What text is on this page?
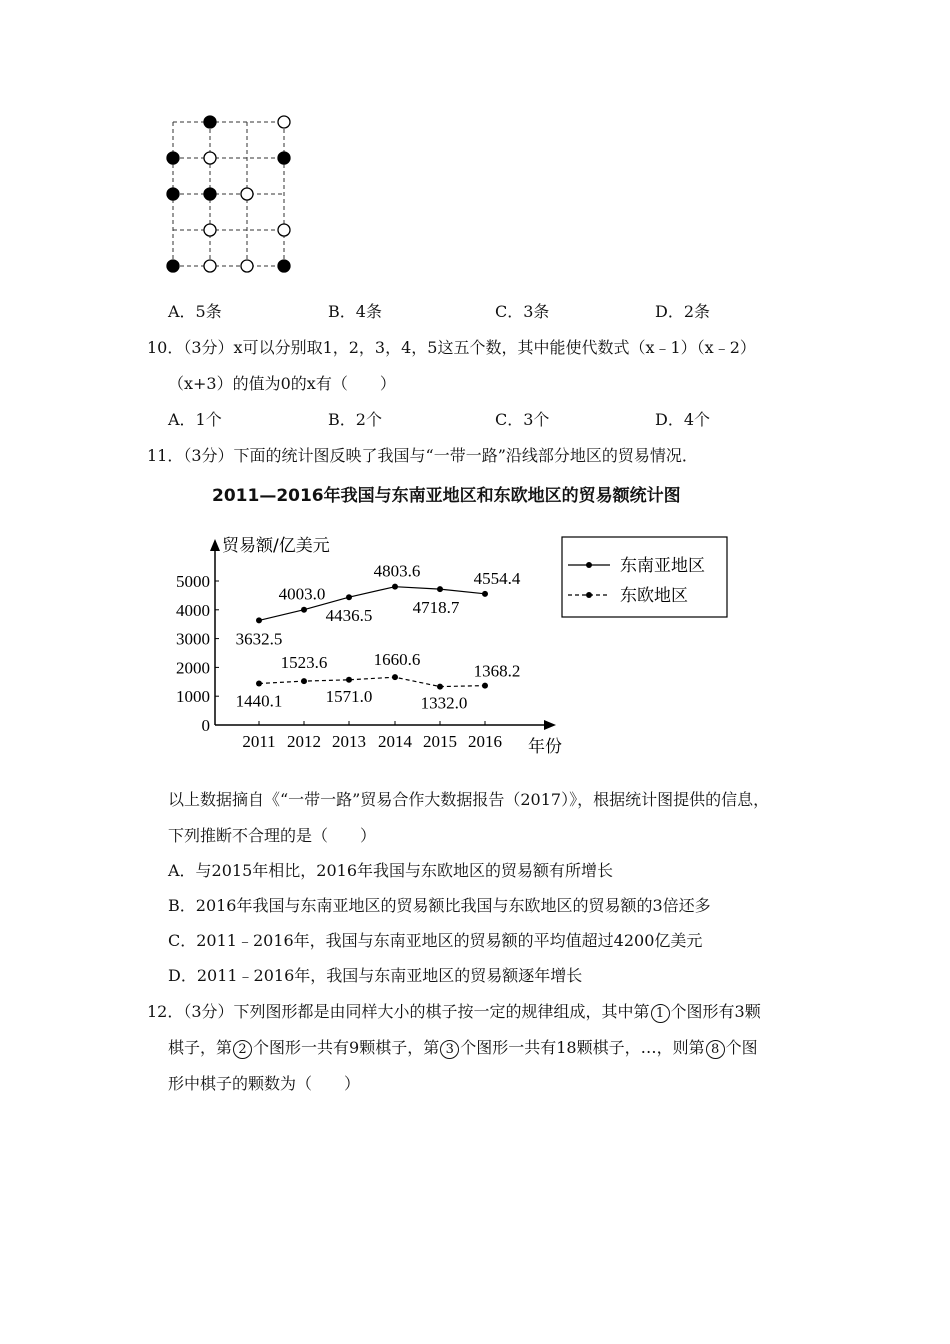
A．5条	B．4条	C．3条	D．2条
10．（3分）x可以分别取1，2，3，4，5这五个数，其中能使代数式（x﹣1）（x﹣2）
（x+3）的值为0的x有（　　）
A．1个	B．2个	C．3个	D．4个
11．（3分）下面的统计图反映了我国与“一带一路”沿线部分地区的贸易情况．
2011—2016年我国与东南亚地区和东欧地区的贸易额统计图
贸易额/亿美元
年份
0
1000
2000
3000
4000
5000
2011 2012 2013 2014 2015 2016
3632.5
4003.0
4436.5
4803.6
4718.7
4554.4
1440.1
1523.6
1571.0
1660.6
1332.0
1368.2
东南亚地区
东欧地区
以上数据摘自《“一带一路”贸易合作大数据报告（2017）》，根据统计图提供的信息，
下列推断不合理的是（　　）
A．与2015年相比，2016年我国与东欧地区的贸易额有所增长
B．2016年我国与东南亚地区的贸易额比我国与东欧地区的贸易额的3倍还多
C．2011﹣2016年，我国与东南亚地区的贸易额的平均值超过4200亿美元
D．2011﹣2016年，我国与东南亚地区的贸易额逐年增长
12．（3分）下列图形都是由同样大小的棋子按一定的规律组成，其中第 1 个图形有3颗
棋子，第 2 个图形一共有9颗棋子，第 3 个图形一共有18颗棋子，…，则第 8 个图
形中棋子的颗数为（　　）
